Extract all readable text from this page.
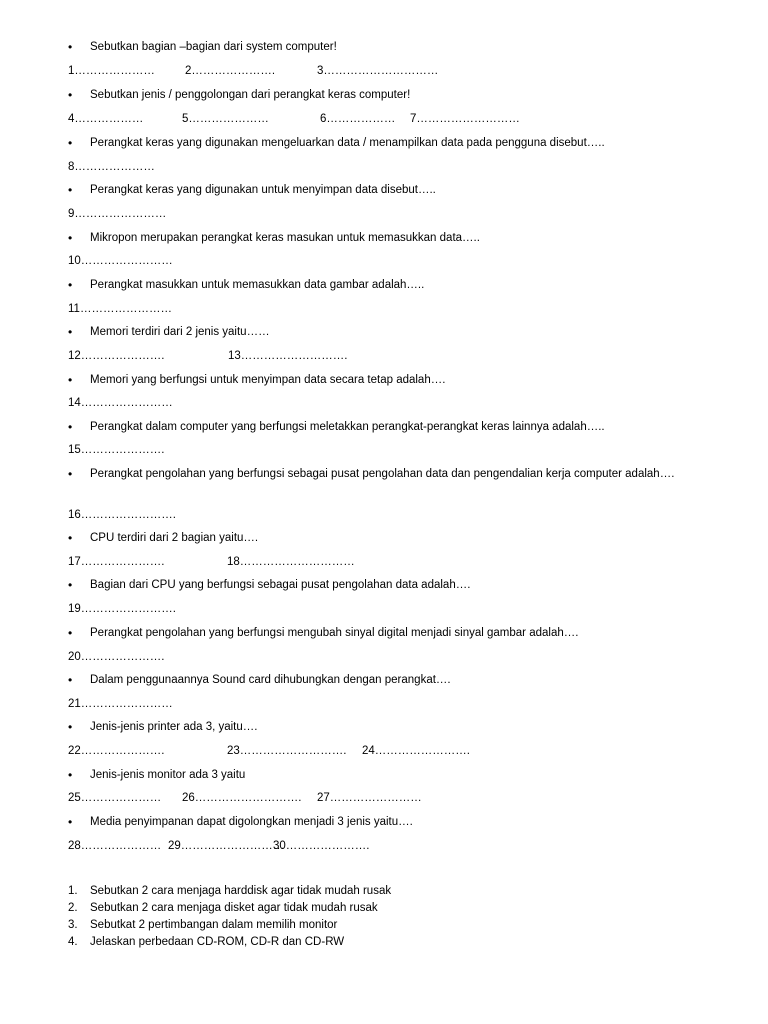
• Sebutkan bagian –bagian dari system computer!
1…………………	2………………….	3…………………………
• Sebutkan jenis / penggolongan dari perangkat keras computer!
4………………	5…………………	6……………… 7………………………
• Perangkat keras yang digunakan mengeluarkan data / menampilkan data pada pengguna disebut…..
8…………………
• Perangkat keras yang digunakan untuk menyimpan data disebut…..
9……………………
• Mikropon merupakan perangkat keras masukan untuk memasukkan data…..
10……………………
• Perangkat masukkan untuk memasukkan data gambar adalah…..
11……………………
• Memori terdiri dari 2 jenis yaitu……
12………………….	13……………………….
• Memori yang berfungsi untuk menyimpan data secara tetap adalah….
14……………………
• Perangkat dalam computer yang berfungsi meletakkan perangkat-perangkat keras lainnya adalah…..
15………………….
• Perangkat pengolahan yang berfungsi sebagai pusat pengolahan data dan pengendalian kerja computer adalah….
16…………………….
• CPU terdiri dari 2 bagian yaitu….
17………………….	18…………………………
• Bagian dari CPU yang berfungsi sebagai pusat pengolahan data adalah….
19…………………….
• Perangkat pengolahan yang berfungsi mengubah sinyal digital menjadi sinyal gambar adalah….
20………………….
• Dalam penggunaannya Sound card dihubungkan dengan perangkat….
21……………………
• Jenis-jenis printer ada 3, yaitu….
22………………….	23………………………. 24…………………….
• Jenis-jenis monitor ada 3 yaitu
25………………… 26………………………. 27……………………
• Media penyimpanan dapat digolongkan menjadi 3 jenis yaitu….
28………………… 29………………………
30………………….
1. Sebutkan 2 cara menjaga harddisk agar tidak mudah rusak
2. Sebutkan 2 cara menjaga disket agar tidak mudah rusak
3. Sebutkat 2 pertimbangan dalam memilih monitor
4. Jelaskan perbedaan CD-ROM, CD-R dan CD-RW
